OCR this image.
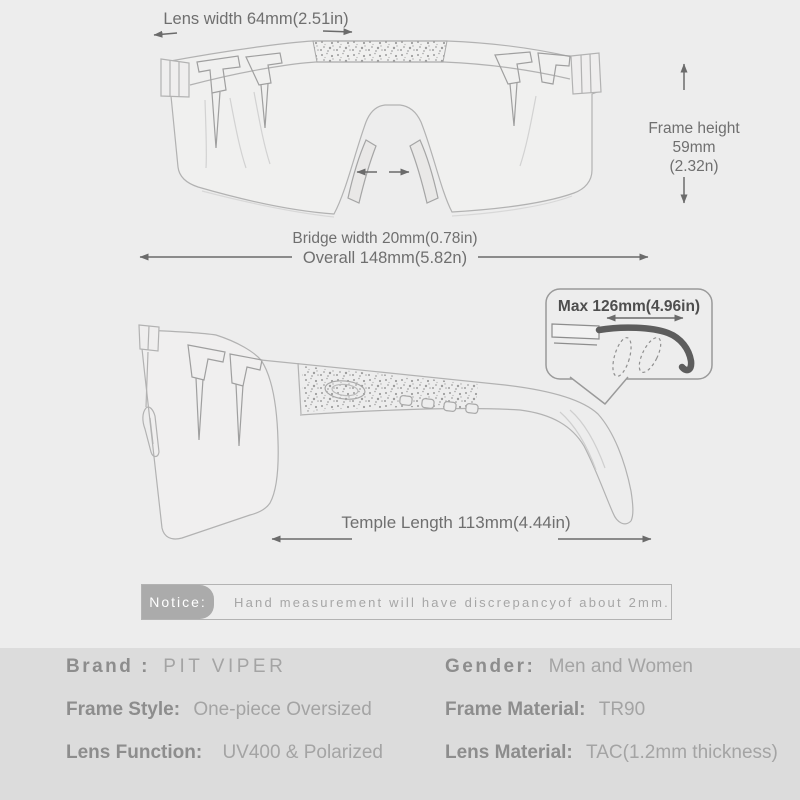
Lens width 64mm(2.51in)
Frame height
59mm
(2.32n)
Bridge width 20mm(0.78in)
Overall 148mm(5.82n)
Temple Length 113mm(4.44in)
Max 126mm(4.96in)
Notice:	Hand measurement will have discrepancyof about 2mm.
Brand : PIT VIPER
Frame Style: One-piece Oversized
Lens Function: UV400 & Polarized
Gender: Men and Women
Frame Material: TR90
Lens Material: TAC(1.2mm thickness)
